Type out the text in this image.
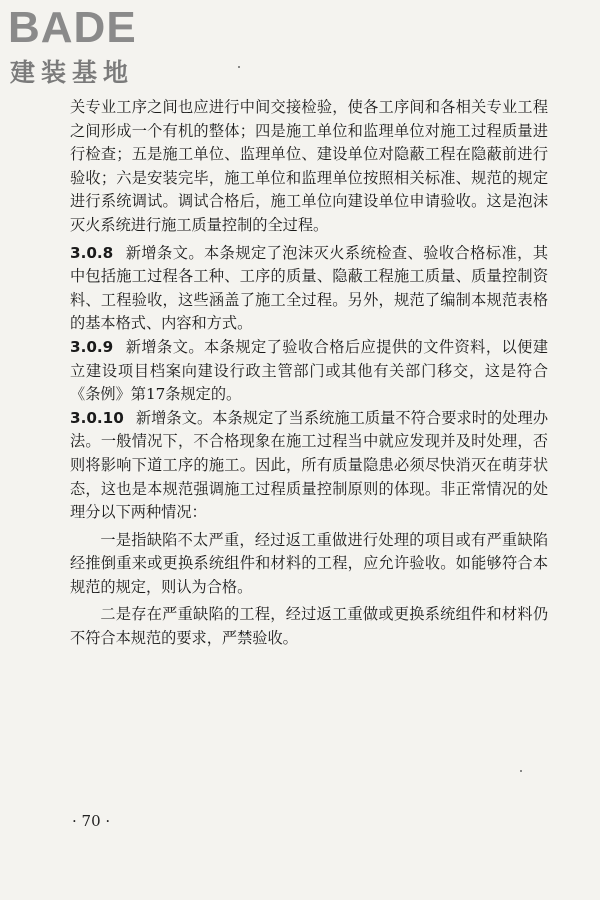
BADE
建装基地

关专业工序之间也应进行中间交接检验，使各工序间和各相关专业工程之间形成一个有机的整体；四是施工单位和监理单位对施工过程质量进行检查；五是施工单位、监理单位、建设单位对隐蔽工程在隐蔽前进行验收；六是安装完毕，施工单位和监理单位按照相关标准、规范的规定进行系统调试。调试合格后，施工单位向建设单位申请验收。这是泡沫灭火系统进行施工质量控制的全过程。

3.0.8 新增条文。本条规定了泡沫灭火系统检查、验收合格标准，其中包括施工过程各工种、工序的质量、隐蔽工程施工质量、质量控制资料、工程验收，这些涵盖了施工全过程。另外，规范了编制本规范表格的基本格式、内容和方式。

3.0.9 新增条文。本条规定了验收合格后应提供的文件资料，以便建立建设项目档案向建设行政主管部门或其他有关部门移交，这是符合《条例》第17条规定的。

3.0.10 新增条文。本条规定了当系统施工质量不符合要求时的处理办法。一般情况下，不合格现象在施工过程当中就应发现并及时处理，否则将影响下道工序的施工。因此，所有质量隐患必须尽快消灭在萌芽状态，这也是本规范强调施工过程质量控制原则的体现。非正常情况的处理分以下两种情况：

一是指缺陷不太严重，经过返工重做进行处理的项目或有严重缺陷经推倒重来或更换系统组件和材料的工程，应允许验收。如能够符合本规范的规定，则认为合格。

二是存在严重缺陷的工程，经过返工重做或更换系统组件和材料仍不符合本规范的要求，严禁验收。

· 70 ·
